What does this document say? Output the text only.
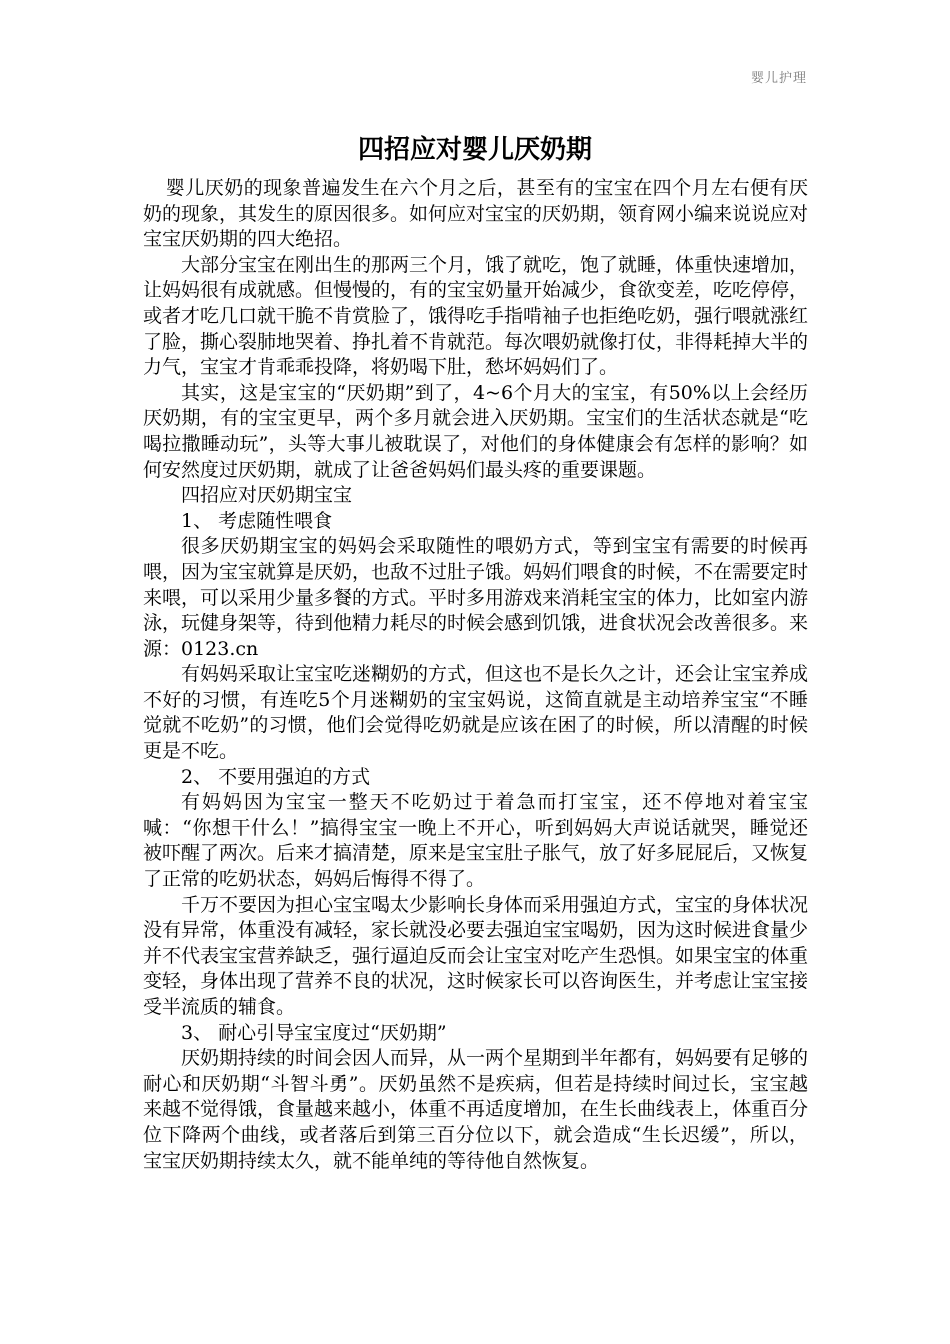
婴儿护理
四招应对婴儿厌奶期

婴儿厌奶的现象普遍发生在六个月之后，甚至有的宝宝在四个月左右便有厌奶的现象，其发生的原因很多。如何应对宝宝的厌奶期，领育网小编来说说应对宝宝厌奶期的四大绝招。

大部分宝宝在刚出生的那两三个月，饿了就吃，饱了就睡，体重快速增加，让妈妈很有成就感。但慢慢的，有的宝宝奶量开始减少，食欲变差，吃吃停停，或者才吃几口就干脆不肯赏脸了，饿得吃手指啃袖子也拒绝吃奶，强行喂就涨红了脸，撕心裂肺地哭着、挣扎着不肯就范。每次喂奶就像打仗，非得耗掉大半的力气，宝宝才肯乖乖投降，将奶喝下肚，愁坏妈妈们了。

其实，这是宝宝的“厌奶期”到了，4~6个月大的宝宝，有50%以上会经历厌奶期，有的宝宝更早，两个多月就会进入厌奶期。宝宝们的生活状态就是“吃喝拉撒睡动玩”，头等大事儿被耽误了，对他们的身体健康会有怎样的影响？如何安然度过厌奶期，就成了让爸爸妈妈们最头疼的重要课题。

四招应对厌奶期宝宝

1、 考虑随性喂食

很多厌奶期宝宝的妈妈会采取随性的喂奶方式，等到宝宝有需要的时候再喂，因为宝宝就算是厌奶，也敌不过肚子饿。妈妈们喂食的时候，不在需要定时来喂，可以采用少量多餐的方式。平时多用游戏来消耗宝宝的体力，比如室内游泳，玩健身架等，待到他精力耗尽的时候会感到饥饿，进食状况会改善很多。来源：0123.cn

有妈妈采取让宝宝吃迷糊奶的方式，但这也不是长久之计，还会让宝宝养成不好的习惯，有连吃5个月迷糊奶的宝宝妈说，这简直就是主动培养宝宝“不睡觉就不吃奶”的习惯，他们会觉得吃奶就是应该在困了的时候，所以清醒的时候更是不吃。

2、 不要用强迫的方式

有妈妈因为宝宝一整天不吃奶过于着急而打宝宝，还不停地对着宝宝喊：“你想干什么！”搞得宝宝一晚上不开心，听到妈妈大声说话就哭，睡觉还被吓醒了两次。后来才搞清楚，原来是宝宝肚子胀气，放了好多屁屁后，又恢复了正常的吃奶状态，妈妈后悔得不得了。

千万不要因为担心宝宝喝太少影响长身体而采用强迫方式，宝宝的身体状况没有异常，体重没有减轻，家长就没必要去强迫宝宝喝奶，因为这时候进食量少并不代表宝宝营养缺乏，强行逼迫反而会让宝宝对吃产生恐惧。如果宝宝的体重变轻，身体出现了营养不良的状况，这时候家长可以咨询医生，并考虑让宝宝接受半流质的辅食。

3、 耐心引导宝宝度过“厌奶期”

厌奶期持续的时间会因人而异，从一两个星期到半年都有，妈妈要有足够的耐心和厌奶期“斗智斗勇”。厌奶虽然不是疾病，但若是持续时间过长，宝宝越来越不觉得饿，食量越来越小，体重不再适度增加，在生长曲线表上，体重百分位下降两个曲线，或者落后到第三百分位以下，就会造成“生长迟缓”，所以，宝宝厌奶期持续太久，就不能单纯的等待他自然恢复。
